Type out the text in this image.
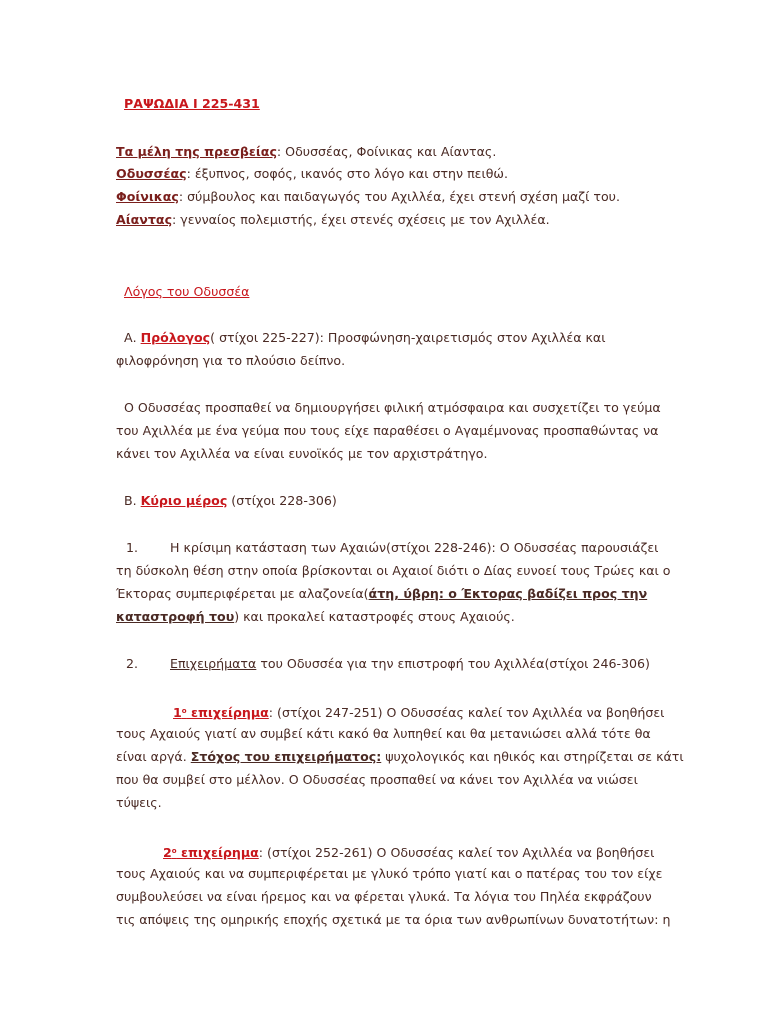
ΡΑΨΩΔΙΑ Ι 225-431
Τα μέλη της πρεσβείας: Οδυσσέας, Φοίνικας και Αίαντας.
Οδυσσέας: έξυπνος, σοφός, ικανός στο λόγο και στην πειθώ.
Φοίνικας: σύμβουλος και παιδαγωγός του Αχιλλέα, έχει στενή σχέση μαζί του.
Αίαντας: γενναίος πολεμιστής, έχει στενές σχέσεις με τον Αχιλλέα.
Λόγος του Οδυσσέα
Α. Πρόλογος( στίχοι 225-227): Προσφώνηση-χαιρετισμός στον Αχιλλέα και
φιλοφρόνηση για το πλούσιο δείπνο.
Ο Οδυσσέας προσπαθεί να δημιουργήσει φιλική ατμόσφαιρα και συσχετίζει το γεύμα
του Αχιλλέα με ένα γεύμα που τους είχε παραθέσει ο Αγαμέμνονας προσπαθώντας να
κάνει τον Αχιλλέα να είναι ευνοϊκός με τον αρχιστράτηγο.
Β. Κύριο μέρος (στίχοι 228-306)
1.	Η κρίσιμη κατάσταση των Αχαιών(στίχοι 228-246): Ο Οδυσσέας παρουσιάζει
τη δύσκολη θέση στην οποία βρίσκονται οι Αχαιοί διότι ο Δίας ευνοεί τους Τρώες και ο
Έκτορας συμπεριφέρεται με αλαζονεία(άτη, ύβρη: ο Έκτορας βαδίζει προς την
καταστροφή του) και προκαλεί καταστροφές στους Αχαιούς.
2.	Επιχειρήματα του Οδυσσέα για την επιστροφή του Αχιλλέα(στίχοι 246-306)
$1^o$ επιχείρημα: (στίχοι 247-251) Ο Οδυσσέας καλεί τον Αχιλλέα να βοηθήσει
τους Αχαιούς γιατί αν συμβεί κάτι κακό θα λυπηθεί και θα μετανιώσει αλλά τότε θα
είναι αργά. Στόχος του επιχειρήματος: ψυχολογικός και ηθικός και στηρίζεται σε κάτι
που θα συμβεί στο μέλλον. Ο Οδυσσέας προσπαθεί να κάνει τον Αχιλλέα να νιώσει
τύψεις.
$2^o$ επιχείρημα: (στίχοι 252-261) Ο Οδυσσέας καλεί τον Αχιλλέα να βοηθήσει
τους Αχαιούς και να συμπεριφέρεται με γλυκό τρόπο γιατί και ο πατέρας του τον είχε
συμβουλεύσει να είναι ήρεμος και να φέρεται γλυκά. Τα λόγια του Πηλέα εκφράζουν
τις απόψεις της ομηρικής εποχής σχετικά με τα όρια των ανθρωπίνων δυνατοτήτων: η
